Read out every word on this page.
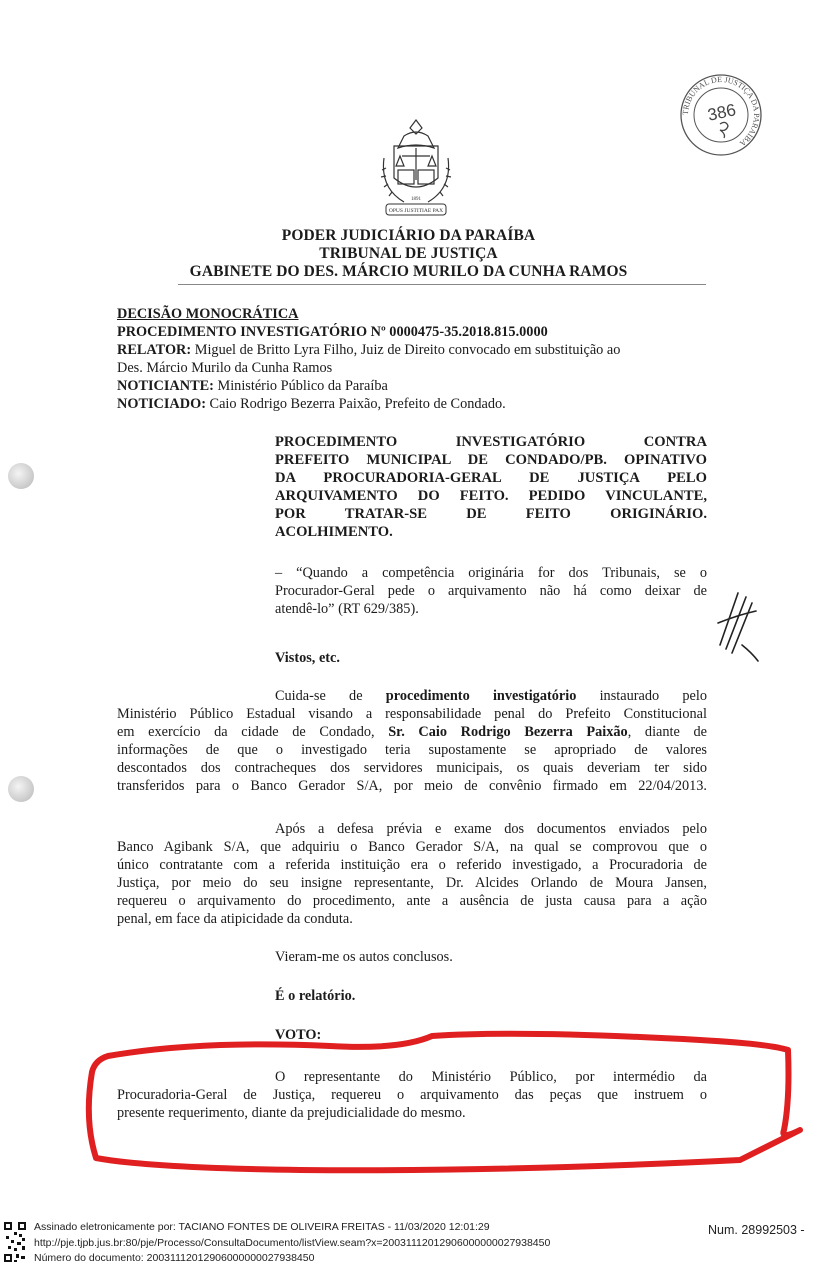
1891
OPUS JUSTITIAE PAX
TRIBUNAL DE JUSTIÇA DA PARAÍBA
386
PODER JUDICIÁRIO DA PARAÍBA
TRIBUNAL DE JUSTIÇA
GABINETE DO DES. MÁRCIO MURILO DA CUNHA RAMOS
DECISÃO MONOCRÁTICA
PROCEDIMENTO INVESTIGATÓRIO Nº 0000475-35.2018.815.0000
RELATOR: Miguel de Britto Lyra Filho, Juiz de Direito convocado em substituição ao
Des. Márcio Murilo da Cunha Ramos
NOTICIANTE: Ministério Público da Paraíba
NOTICIADO: Caio Rodrigo Bezerra Paixão, Prefeito de Condado.
PROCEDIMENTO INVESTIGATÓRIO CONTRA
PREFEITO MUNICIPAL DE CONDADO/PB. OPINATIVO
DA PROCURADORIA-GERAL DE JUSTIÇA PELO
ARQUIVAMENTO DO FEITO. PEDIDO VINCULANTE,
POR TRATAR-SE DE FEITO ORIGINÁRIO.
ACOLHIMENTO.
– “Quando a competência originária for dos Tribunais, se o
Procurador-Geral pede o arquivamento não há como deixar de
atendê-lo” (RT 629/385).
Vistos, etc.
Cuida-se de procedimento investigatório instaurado pelo
Ministério Público Estadual visando a responsabilidade penal do Prefeito Constitucional
em exercício da cidade de Condado, Sr. Caio Rodrigo Bezerra Paixão, diante de
informações de que o investigado teria supostamente se apropriado de valores
descontados dos contracheques dos servidores municipais, os quais deveriam ter sido
transferidos para o Banco Gerador S/A, por meio de convênio firmado em 22/04/2013.
Após a defesa prévia e exame dos documentos enviados pelo
Banco Agibank S/A, que adquiriu o Banco Gerador S/A, na qual se comprovou que o
único contratante com a referida instituição era o referido investigado, a Procuradoria de
Justiça, por meio do seu insigne representante, Dr. Alcides Orlando de Moura Jansen,
requereu o arquivamento do procedimento, ante a ausência de justa causa para a ação
penal, em face da atipicidade da conduta.
Vieram-me os autos conclusos.
É o relatório.
VOTO:
O representante do Ministério Público, por intermédio da
Procuradoria-Geral de Justiça, requereu o arquivamento das peças que instruem o
presente requerimento, diante da prejudicialidade do mesmo.
Assinado eletronicamente por: TACIANO FONTES DE OLIVEIRA FREITAS - 11/03/2020 12:01:29
http://pje.tjpb.jus.br:80/pje/Processo/ConsultaDocumento/listView.seam?x=20031112012906000000027938450
Número do documento: 20031112012906000000027938450
Num. 28992503 -
